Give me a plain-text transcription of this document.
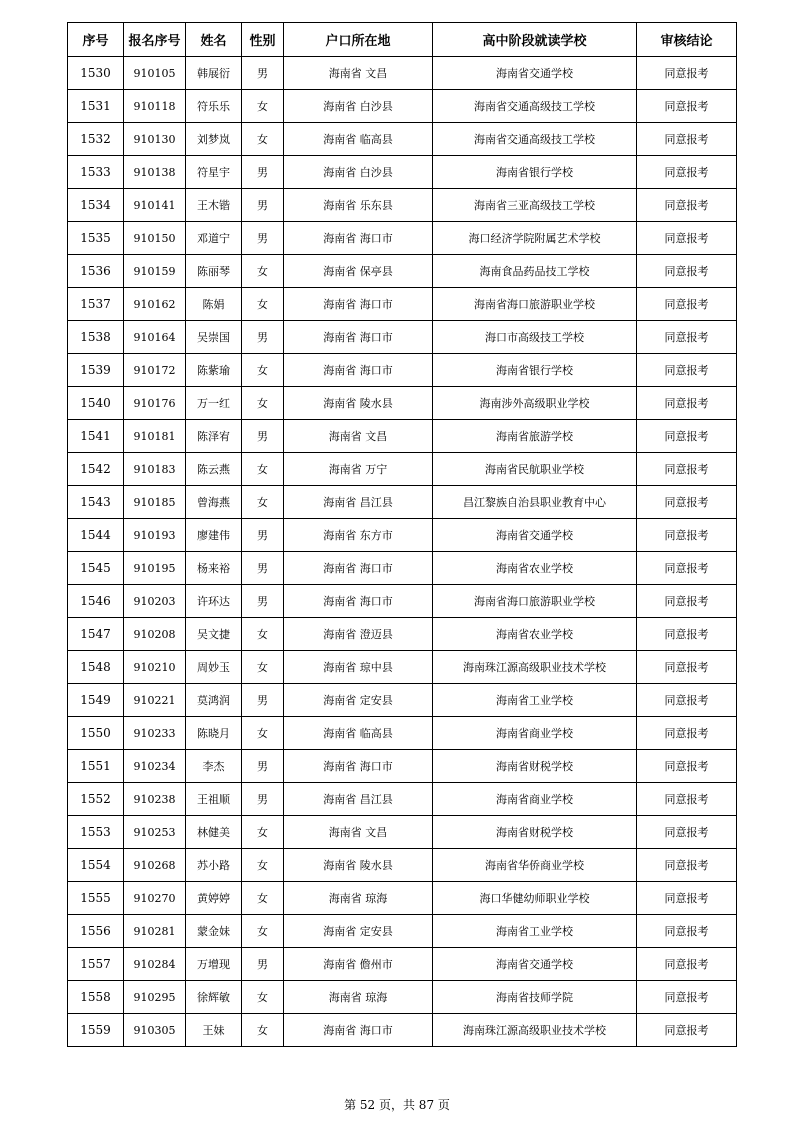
序号	报名序号	姓名	性别	户口所在地	高中阶段就读学校	审核结论
1530	910105	韩展衍	男	海南省 文昌	海南省交通学校	同意报考
1531	910118	符乐乐	女	海南省 白沙县	海南省交通高级技工学校	同意报考
1532	910130	刘梦岚	女	海南省 临高县	海南省交通高级技工学校	同意报考
1533	910138	符星宇	男	海南省 白沙县	海南省银行学校	同意报考
1534	910141	王木锴	男	海南省 乐东县	海南省三亚高级技工学校	同意报考
1535	910150	邓道宁	男	海南省 海口市	海口经济学院附属艺术学校	同意报考
1536	910159	陈丽琴	女	海南省 保亭县	海南食品药品技工学校	同意报考
1537	910162	陈娟	女	海南省 海口市	海南省海口旅游职业学校	同意报考
1538	910164	吴崇国	男	海南省 海口市	海口市高级技工学校	同意报考
1539	910172	陈紫瑜	女	海南省 海口市	海南省银行学校	同意报考
1540	910176	万一红	女	海南省 陵水县	海南涉外高级职业学校	同意报考
1541	910181	陈泽宥	男	海南省 文昌	海南省旅游学校	同意报考
1542	910183	陈云燕	女	海南省 万宁	海南省民航职业学校	同意报考
1543	910185	曾海燕	女	海南省 昌江县	昌江黎族自治县职业教育中心	同意报考
1544	910193	廖建伟	男	海南省 东方市	海南省交通学校	同意报考
1545	910195	杨来裕	男	海南省 海口市	海南省农业学校	同意报考
1546	910203	许环达	男	海南省 海口市	海南省海口旅游职业学校	同意报考
1547	910208	吴文捷	女	海南省 澄迈县	海南省农业学校	同意报考
1548	910210	周妙玉	女	海南省 琼中县	海南珠江源高级职业技术学校	同意报考
1549	910221	莫鸿润	男	海南省 定安县	海南省工业学校	同意报考
1550	910233	陈晓月	女	海南省 临高县	海南省商业学校	同意报考
1551	910234	李杰	男	海南省 海口市	海南省财税学校	同意报考
1552	910238	王祖顺	男	海南省 昌江县	海南省商业学校	同意报考
1553	910253	林健美	女	海南省 文昌	海南省财税学校	同意报考
1554	910268	苏小路	女	海南省 陵水县	海南省华侨商业学校	同意报考
1555	910270	黄婷婷	女	海南省 琼海	海口华健幼师职业学校	同意报考
1556	910281	蒙金妹	女	海南省 定安县	海南省工业学校	同意报考
1557	910284	万增现	男	海南省 儋州市	海南省交通学校	同意报考
1558	910295	徐辉敏	女	海南省 琼海	海南省技师学院	同意报考
1559	910305	王妹	女	海南省 海口市	海南珠江源高级职业技术学校	同意报考
第 52 页，共 87 页
